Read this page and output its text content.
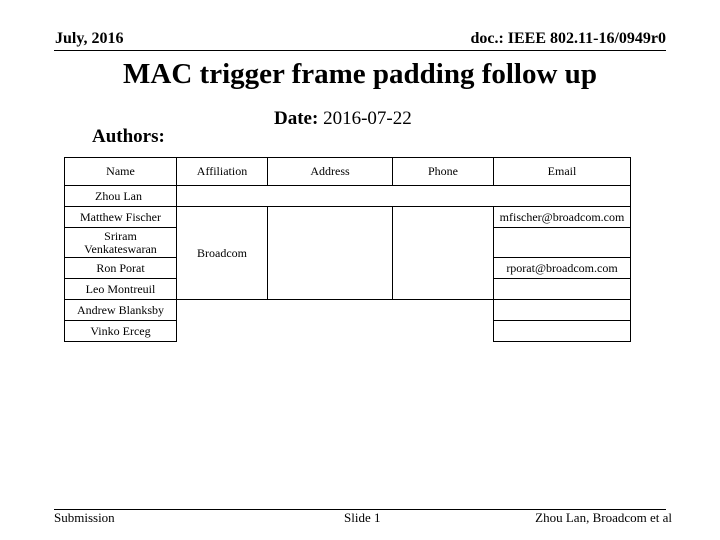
July, 2016	doc.: IEEE 802.11-16/0949r0
MAC trigger frame padding follow up
Date: 2016-07-22
Authors:
Name	Affiliation	Address	Phone	Email
Zhou Lan				
Matthew Fischer	Broadcom			mfischer@broadcom.com
Sriram Venkateswaran				
Ron Porat				rporat@broadcom.com
Leo Montreuil				
Andrew Blanksby				
Vinko Erceg				
Submission	Slide 1	Zhou Lan, Broadcom et al
